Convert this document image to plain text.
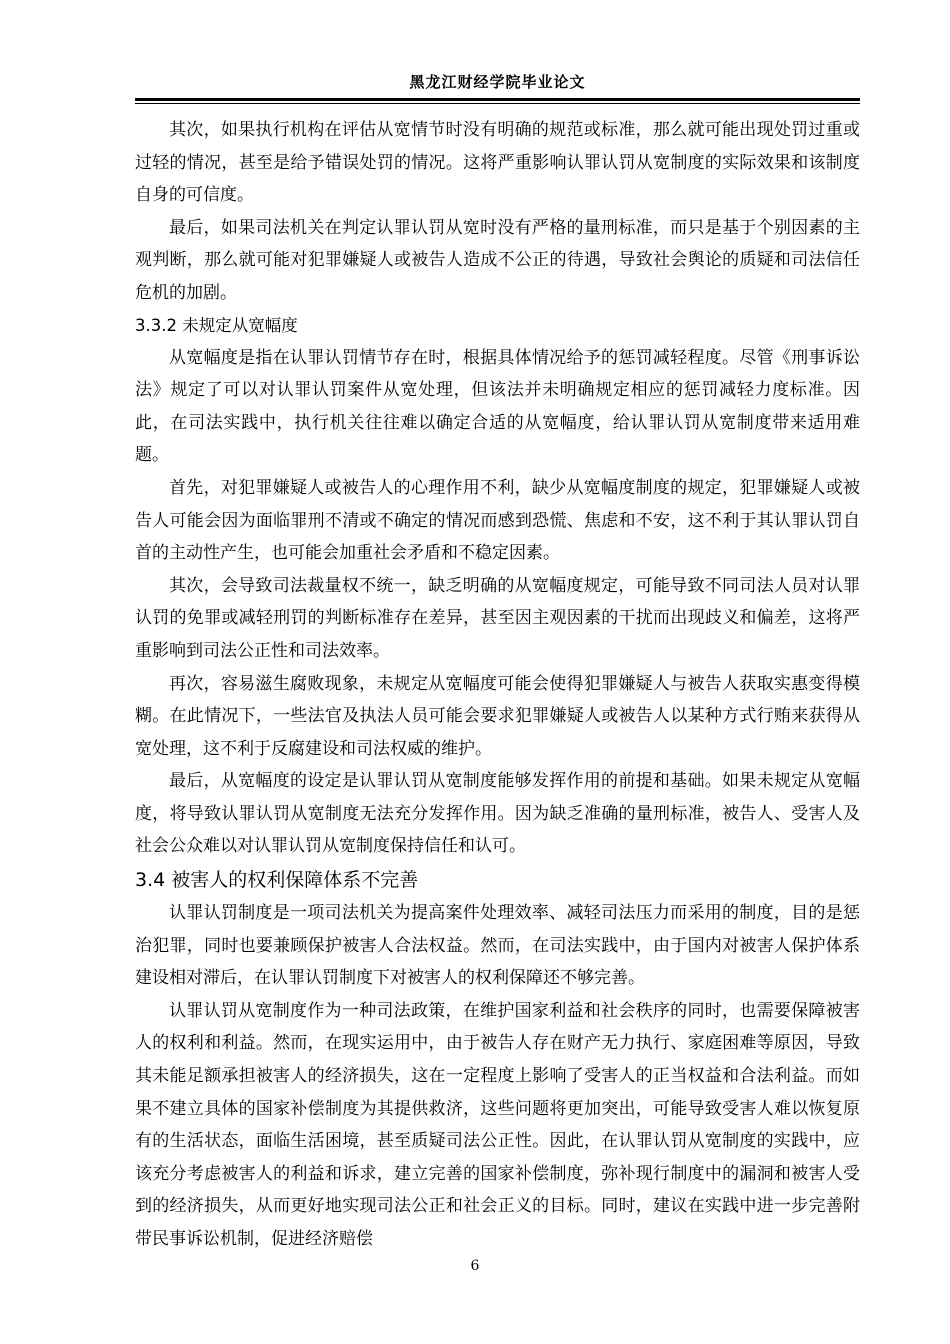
黑龙江财经学院毕业论文

其次，如果执行机构在评估从宽情节时没有明确的规范或标准，那么就可能出现处罚过重或过轻的情况，甚至是给予错误处罚的情况。这将严重影响认罪认罚从宽制度的实际效果和该制度自身的可信度。

最后，如果司法机关在判定认罪认罚从宽时没有严格的量刑标准，而只是基于个别因素的主观判断，那么就可能对犯罪嫌疑人或被告人造成不公正的待遇，导致社会舆论的质疑和司法信任危机的加剧。

3.3.2 未规定从宽幅度

从宽幅度是指在认罪认罚情节存在时，根据具体情况给予的惩罚减轻程度。尽管《刑事诉讼法》规定了可以对认罪认罚案件从宽处理，但该法并未明确规定相应的惩罚减轻力度标准。因此，在司法实践中，执行机关往往难以确定合适的从宽幅度，给认罪认罚从宽制度带来适用难题。

首先，对犯罪嫌疑人或被告人的心理作用不利，缺少从宽幅度制度的规定，犯罪嫌疑人或被告人可能会因为面临罪刑不清或不确定的情况而感到恐慌、焦虑和不安，这不利于其认罪认罚自首的主动性产生，也可能会加重社会矛盾和不稳定因素。

其次，会导致司法裁量权不统一，缺乏明确的从宽幅度规定，可能导致不同司法人员对认罪认罚的免罪或减轻刑罚的判断标准存在差异，甚至因主观因素的干扰而出现歧义和偏差，这将严重影响到司法公正性和司法效率。

再次，容易滋生腐败现象，未规定从宽幅度可能会使得犯罪嫌疑人与被告人获取实惠变得模糊。在此情况下，一些法官及执法人员可能会要求犯罪嫌疑人或被告人以某种方式行贿来获得从宽处理，这不利于反腐建设和司法权威的维护。

最后，从宽幅度的设定是认罪认罚从宽制度能够发挥作用的前提和基础。如果未规定从宽幅度，将导致认罪认罚从宽制度无法充分发挥作用。因为缺乏准确的量刑标准，被告人、受害人及社会公众难以对认罪认罚从宽制度保持信任和认可。

3.4 被害人的权利保障体系不完善

认罪认罚制度是一项司法机关为提高案件处理效率、减轻司法压力而采用的制度，目的是惩治犯罪，同时也要兼顾保护被害人合法权益。然而，在司法实践中，由于国内对被害人保护体系建设相对滞后，在认罪认罚制度下对被害人的权利保障还不够完善。

认罪认罚从宽制度作为一种司法政策，在维护国家利益和社会秩序的同时，也需要保障被害人的权利和利益。然而，在现实运用中，由于被告人存在财产无力执行、家庭困难等原因，导致其未能足额承担被害人的经济损失，这在一定程度上影响了受害人的正当权益和合法利益。而如果不建立具体的国家补偿制度为其提供救济，这些问题将更加突出，可能导致受害人难以恢复原有的生活状态，面临生活困境，甚至质疑司法公正性。因此，在认罪认罚从宽制度的实践中，应该充分考虑被害人的利益和诉求，建立完善的国家补偿制度，弥补现行制度中的漏洞和被害人受到的经济损失，从而更好地实现司法公正和社会正义的目标。同时，建议在实践中进一步完善附带民事诉讼机制，促进经济赔偿

6
